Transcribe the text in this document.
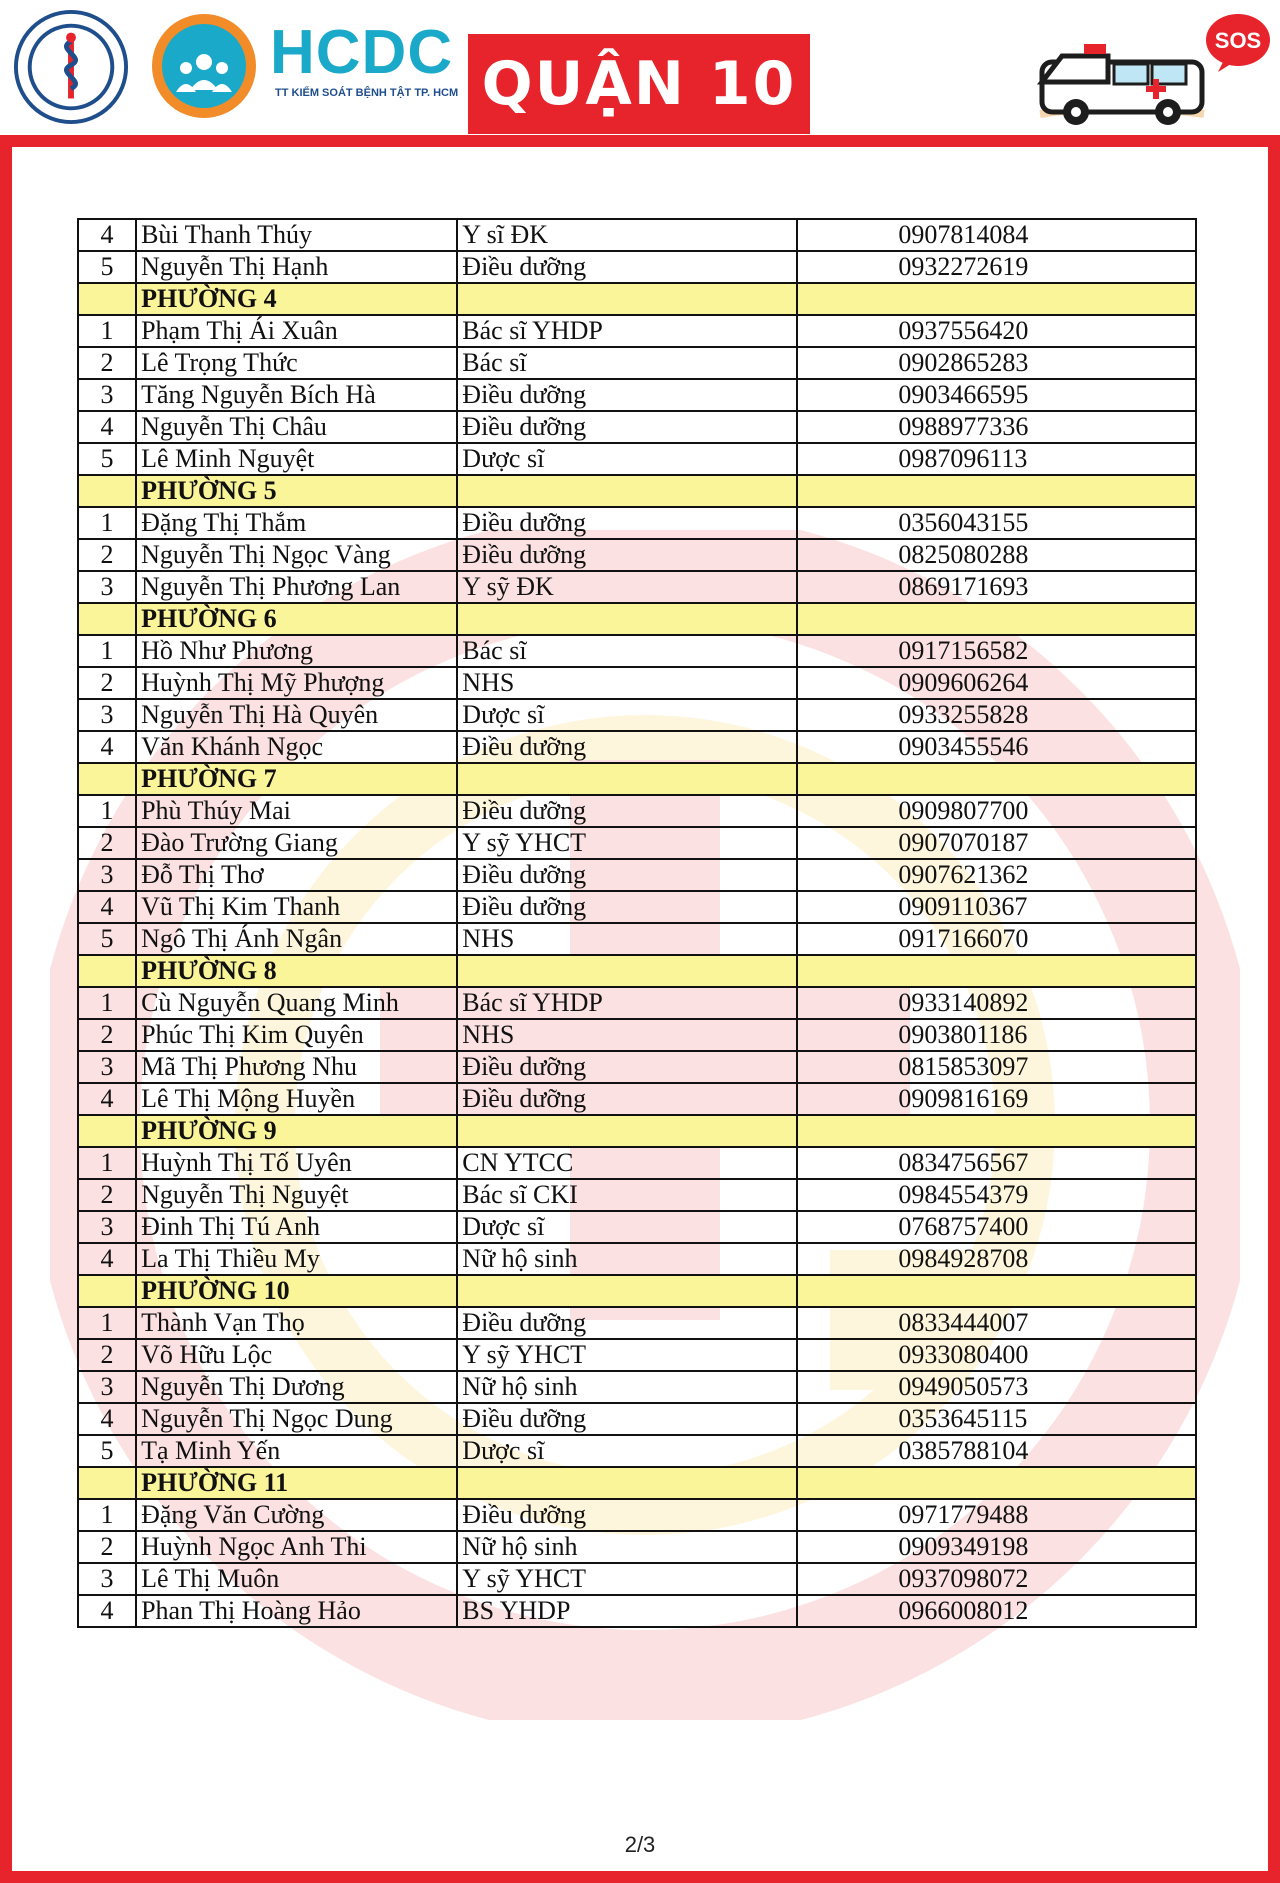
HCDC
TT KIỂM SOÁT BỆNH TẬT TP. HCM QUẬN 10
SOS
4	Bùi Thanh Thúy	Y sĩ ĐK	0907814084
5	Nguyễn Thị Hạnh	Điều dưỡng	0932272619
	PHƯỜNG 4		
1	Phạm Thị Ái Xuân	Bác sĩ YHDP	0937556420
2	Lê Trọng Thức	Bác sĩ	0902865283
3	Tăng Nguyễn Bích Hà	Điều dưỡng	0903466595
4	Nguyễn Thị Châu	Điều dưỡng	0988977336
5	Lê Minh Nguyệt	Dược sĩ	0987096113
	PHƯỜNG 5		
1	Đặng Thị Thắm	Điều dưỡng	0356043155
2	Nguyễn Thị Ngọc Vàng	Điều dưỡng	0825080288
3	Nguyễn Thị Phương Lan	Y sỹ ĐK	0869171693
	PHƯỜNG 6		
1	Hồ Như Phương	Bác sĩ	0917156582
2	Huỳnh Thị Mỹ Phượng	NHS	0909606264
3	Nguyễn Thị Hà Quyên	Dược sĩ	0933255828
4	Văn Khánh Ngọc	Điều dưỡng	0903455546
	PHƯỜNG 7		
1	Phù Thúy Mai	Điều dưỡng	0909807700
2	Đào Trường Giang	Y sỹ YHCT	0907070187
3	Đỗ Thị Thơ	Điều dưỡng	0907621362
4	Vũ Thị Kim Thanh	Điều dưỡng	0909110367
5	Ngô Thị Ánh Ngân	NHS	0917166070
	PHƯỜNG 8		
1	Cù Nguyễn Quang Minh	Bác sĩ YHDP	0933140892
2	Phúc Thị Kim Quyên	NHS	0903801186
3	Mã Thị Phương Nhu	Điều dưỡng	0815853097
4	Lê Thị Mộng Huyền	Điều dưỡng	0909816169
	PHƯỜNG 9		
1	Huỳnh Thị Tố Uyên	CN YTCC	0834756567
2	Nguyễn Thị Nguyệt	Bác sĩ CKI	0984554379
3	Đinh Thị Tú Anh	Dược sĩ	0768757400
4	La Thị Thiều My	Nữ hộ sinh	0984928708
	PHƯỜNG 10		
1	Thành Vạn Thọ	Điều dưỡng	0833444007
2	Võ Hữu Lộc	Y sỹ YHCT	0933080400
3	Nguyễn Thị Dương	Nữ hộ sinh	0949050573
4	Nguyễn Thị Ngọc Dung	Điều dưỡng	0353645115
5	Tạ Minh Yến	Dược sĩ	0385788104
	PHƯỜNG 11		
1	Đặng Văn Cường	Điều dưỡng	0971779488
2	Huỳnh Ngọc Anh Thi	Nữ hộ sinh	0909349198
3	Lê Thị Muôn	Y sỹ YHCT	0937098072
4	Phan Thị Hoàng Hảo	BS YHDP	0966008012
2/3
